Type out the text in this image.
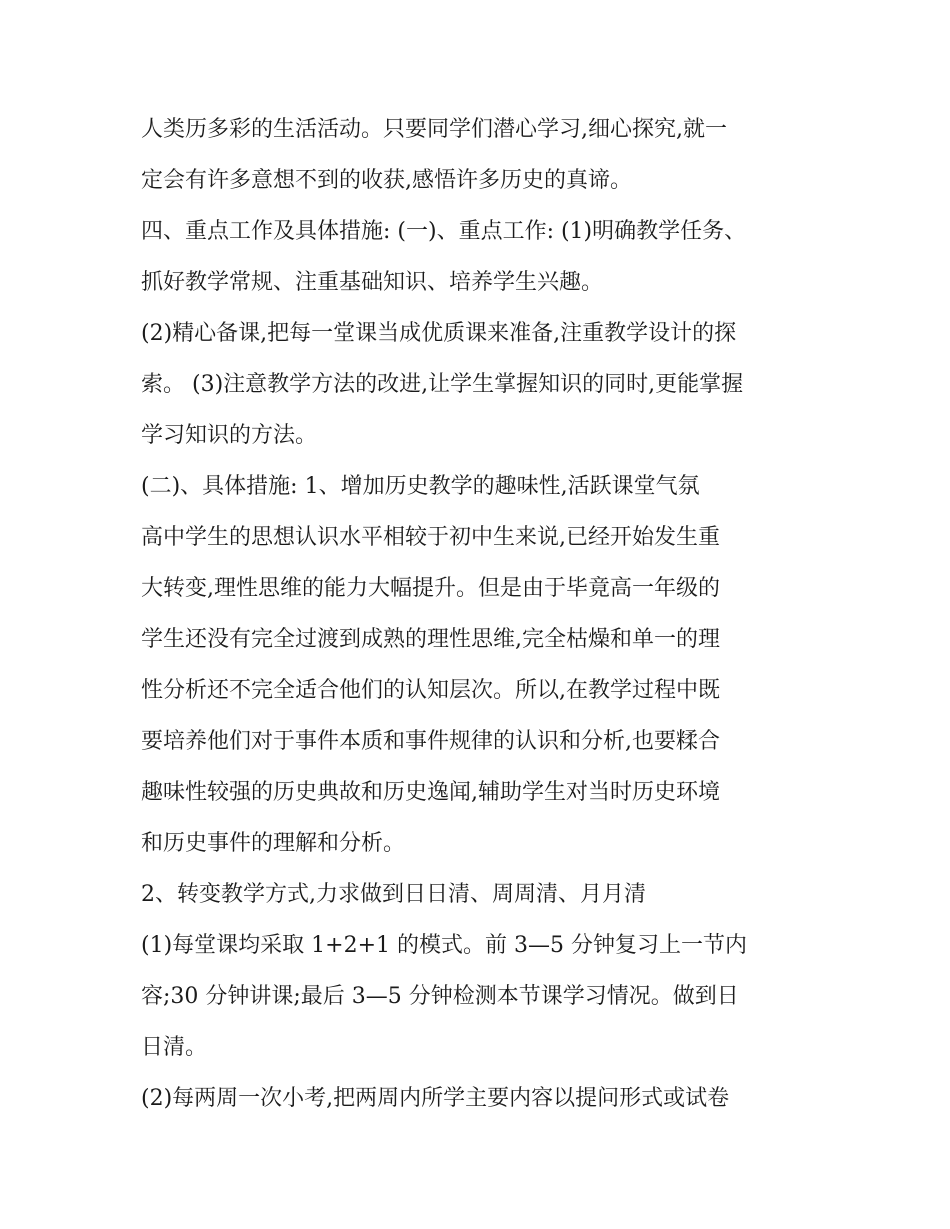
人类历多彩的生活活动。只要同学们潜心学习,细心探究,就一
定会有许多意想不到的收获,感悟许多历史的真谛。
四、重点工作及具体措施: (一)、重点工作: (1)明确教学任务、
抓好教学常规、注重基础知识、培养学生兴趣。
(2)精心备课,把每一堂课当成优质课来准备,注重教学设计的探
索。 (3)注意教学方法的改进,让学生掌握知识的同时,更能掌握
学习知识的方法。
(二)、具体措施: 1、增加历史教学的趣味性,活跃课堂气氛
高中学生的思想认识水平相较于初中生来说,已经开始发生重
大转变,理性思维的能力大幅提升。但是由于毕竟高一年级的
学生还没有完全过渡到成熟的理性思维,完全枯燥和单一的理
性分析还不完全适合他们的认知层次。所以,在教学过程中既
要培养他们对于事件本质和事件规律的认识和分析,也要糅合
趣味性较强的历史典故和历史逸闻,辅助学生对当时历史环境
和历史事件的理解和分析。
2、转变教学方式,力求做到日日清、周周清、月月清
(1)每堂课均采取 1+2+1 的模式。前 3—5 分钟复习上一节内
容;30 分钟讲课;最后 3—5 分钟检测本节课学习情况。做到日
日清。
(2)每两周一次小考,把两周内所学主要内容以提问形式或试卷
